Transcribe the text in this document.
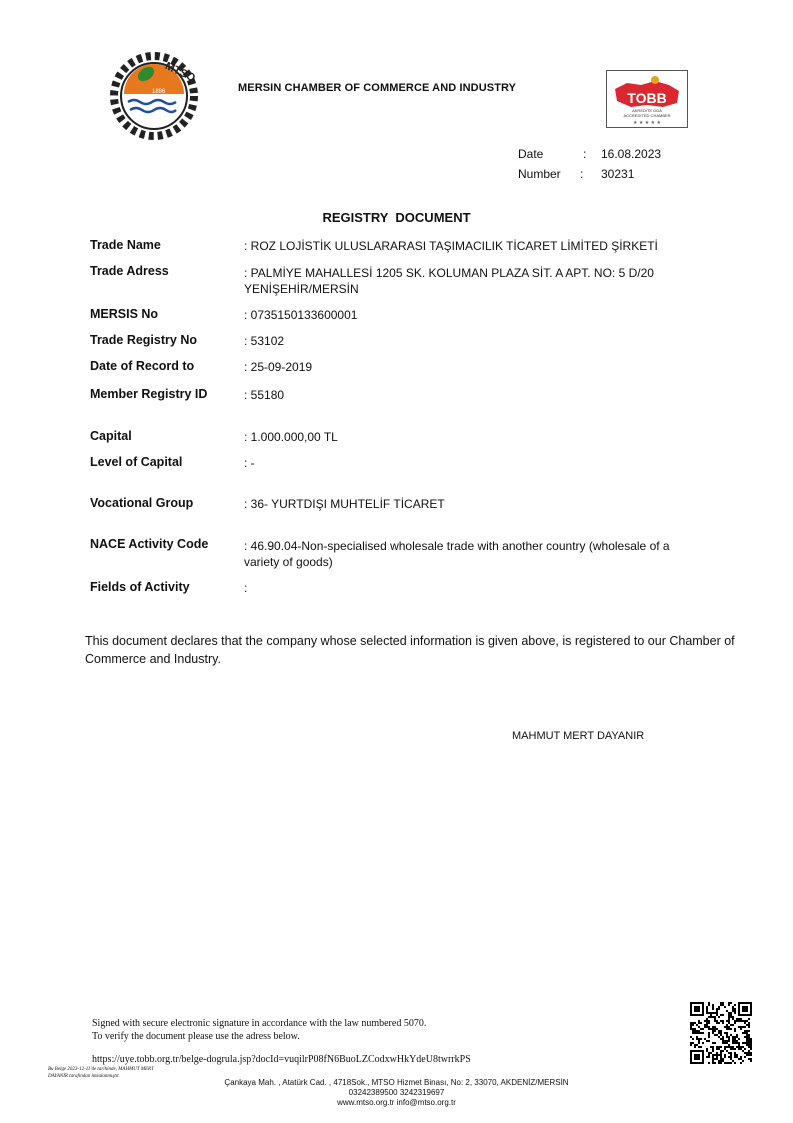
1886
MTSO
MERSIN CHAMBER OF COMMERCE AND INDUSTRY
TOBB
AKREDİTE ODA
ACCREDITED CHAMBER
★ ★ ★ ★ ★
Date	: 16.08.2023
Number : 30231
REGISTRY  DOCUMENT
Trade Name	: ROZ LOJİSTİK ULUSLARARASI TAŞIMACILIK TİCARET LİMİTED ŞİRKETİ
Trade Adress	: PALMİYE MAHALLESİ 1205 SK. KOLUMAN PLAZA SİT. A APT. NO: 5 D/20
YENİŞEHİR/MERSİN
MERSIS No	: 0735150133600001
Trade Registry No	: 53102
Date of Record to	: 25-09-2019
Member Registry ID	: 55180
Capital	: 1.000.000,00 TL
Level of Capital	: -
Vocational Group	: 36- YURTDIŞI MUHTELİF TİCARET
NACE Activity Code	: 46.90.04-Non-specialised wholesale trade with another country (wholesale of a
variety of goods)
Fields of Activity	:
This document declares that the company whose selected information is given above, is registered to our Chamber of Commerce and Industry.
MAHMUT MERT DAYANIR
Signed with secure electronic signature in accordance with the law numbered 5070.
To verify the document please use the adress below.
https://uye.tobb.org.tr/belge-dogrula.jsp?docId=vuqilrP08fN6BuoLZCodxwHkYdeU8twrrkPS
Bu Belge 2023-12-11'de tarihinde, MAHMUT MERT
DAYANIR tarafından imzalanmıştır.
Çankaya Mah. , Atatürk Cad. , 4718Sok., MTSO Hizmet Binası, No: 2, 33070, AKDENİZ/MERSİN
03242389500 3242319697
www.mtso.org.tr info@mtso.org.tr
